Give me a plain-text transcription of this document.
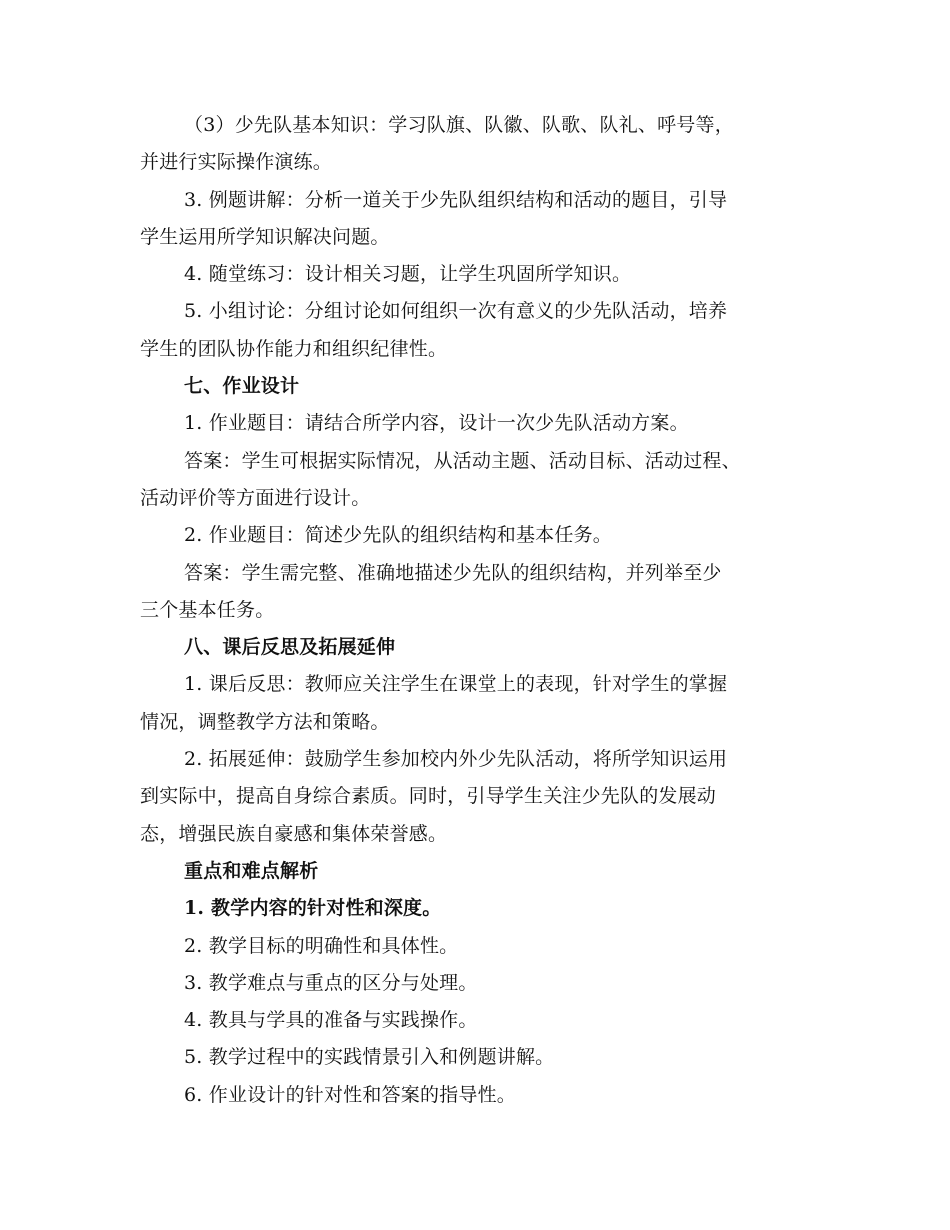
（3）少先队基本知识：学习队旗、队徽、队歌、队礼、呼号等，
并进行实际操作演练。
3. 例题讲解：分析一道关于少先队组织结构和活动的题目，引导
学生运用所学知识解决问题。
4. 随堂练习：设计相关习题，让学生巩固所学知识。
5. 小组讨论：分组讨论如何组织一次有意义的少先队活动，培养
学生的团队协作能力和组织纪律性。
七、作业设计
1. 作业题目：请结合所学内容，设计一次少先队活动方案。
答案：学生可根据实际情况，从活动主题、活动目标、活动过程、
活动评价等方面进行设计。
2. 作业题目：简述少先队的组织结构和基本任务。
答案：学生需完整、准确地描述少先队的组织结构，并列举至少
三个基本任务。
八、课后反思及拓展延伸
1. 课后反思：教师应关注学生在课堂上的表现，针对学生的掌握
情况，调整教学方法和策略。
2. 拓展延伸：鼓励学生参加校内外少先队活动，将所学知识运用
到实际中，提高自身综合素质。同时，引导学生关注少先队的发展动
态，增强民族自豪感和集体荣誉感。
重点和难点解析
1. 教学内容的针对性和深度。
2. 教学目标的明确性和具体性。
3. 教学难点与重点的区分与处理。
4. 教具与学具的准备与实践操作。
5. 教学过程中的实践情景引入和例题讲解。
6. 作业设计的针对性和答案的指导性。
